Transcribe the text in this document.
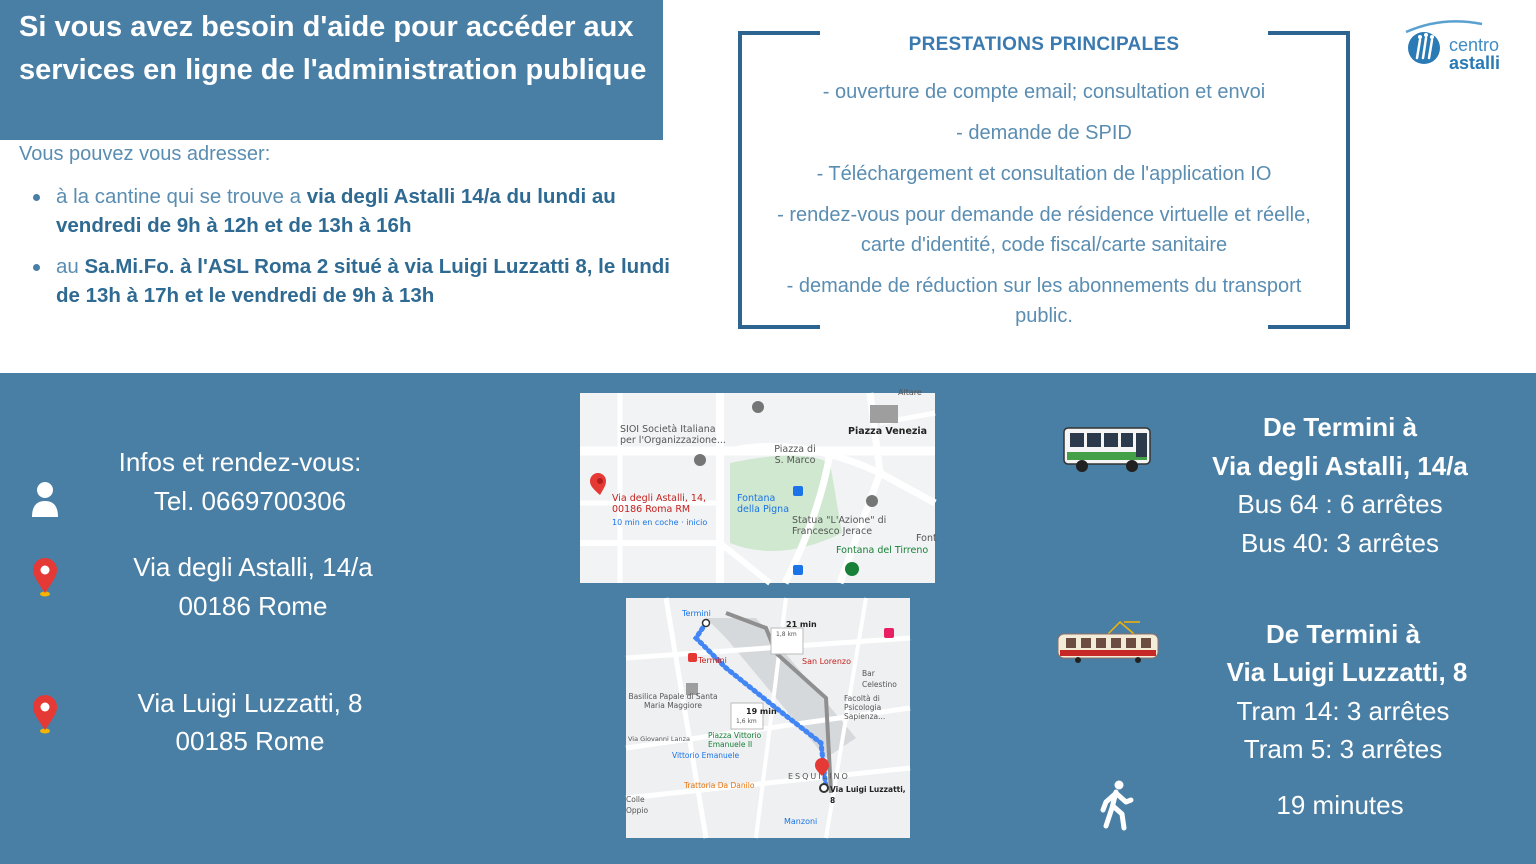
Si vous avez besoin d'aide pour accéder aux services en ligne de l'administration publique
Vous pouvez vous adresser:
à la cantine qui se trouve a via degli Astalli 14/a du lundi au vendredi de 9h à 12h et de 13h à 16h
au Sa.Mi.Fo. à l'ASL Roma 2 situé à via Luigi Luzzatti 8, le lundi de 13h à 17h et le vendredi de 9h à 13h
PRESTATIONS PRINCIPALES

- ouverture de compte email; consultation et envoi

- demande de SPID

- Téléchargement et consultation de l'application IO

- rendez-vous pour demande de résidence virtuelle et réelle, carte d'identité, code fiscal/carte sanitaire

- demande de réduction sur les abonnements du transport public.

centro
astalli
Infos et rendez-vous:
Tel. 0669700306
Via degli Astalli, 14/a
00186 Rome
Via Luigi Luzzatti, 8
00185 Rome
SIOI Società Italiana per l'Organizzazione...
Piazza Venezia
Piazza di S. Marco
Via degli Astalli, 14, 00186 Roma RM
10 min en coche · inicio
Fontana della Pigna
Statua "L'Azione" di Francesco Jerace
Fontana del Tirreno
Altare
Font
Termini
Termini
21 min
1,8 km
19 min
1,6 km
Basilica Papale di Santa Maria Maggiore
San Lorenzo
Bar Celestino
Facoltà di Psicologia Sapienza...
Piazza Vittorio Emanuele II
Vittorio Emanuele
ESQUILINO
Via Luigi Luzzatti, 8
Trattoria Da Danilo
Colle Oppio
Manzoni
Via Giovanni Lanza
De Termini à
Via degli Astalli, 14/a
Bus 64 : 6 arrêtes
Bus 40: 3 arrêtes
De Termini à
Via Luigi Luzzatti, 8
Tram 14: 3 arrêtes
Tram 5: 3 arrêtes
19 minutes
